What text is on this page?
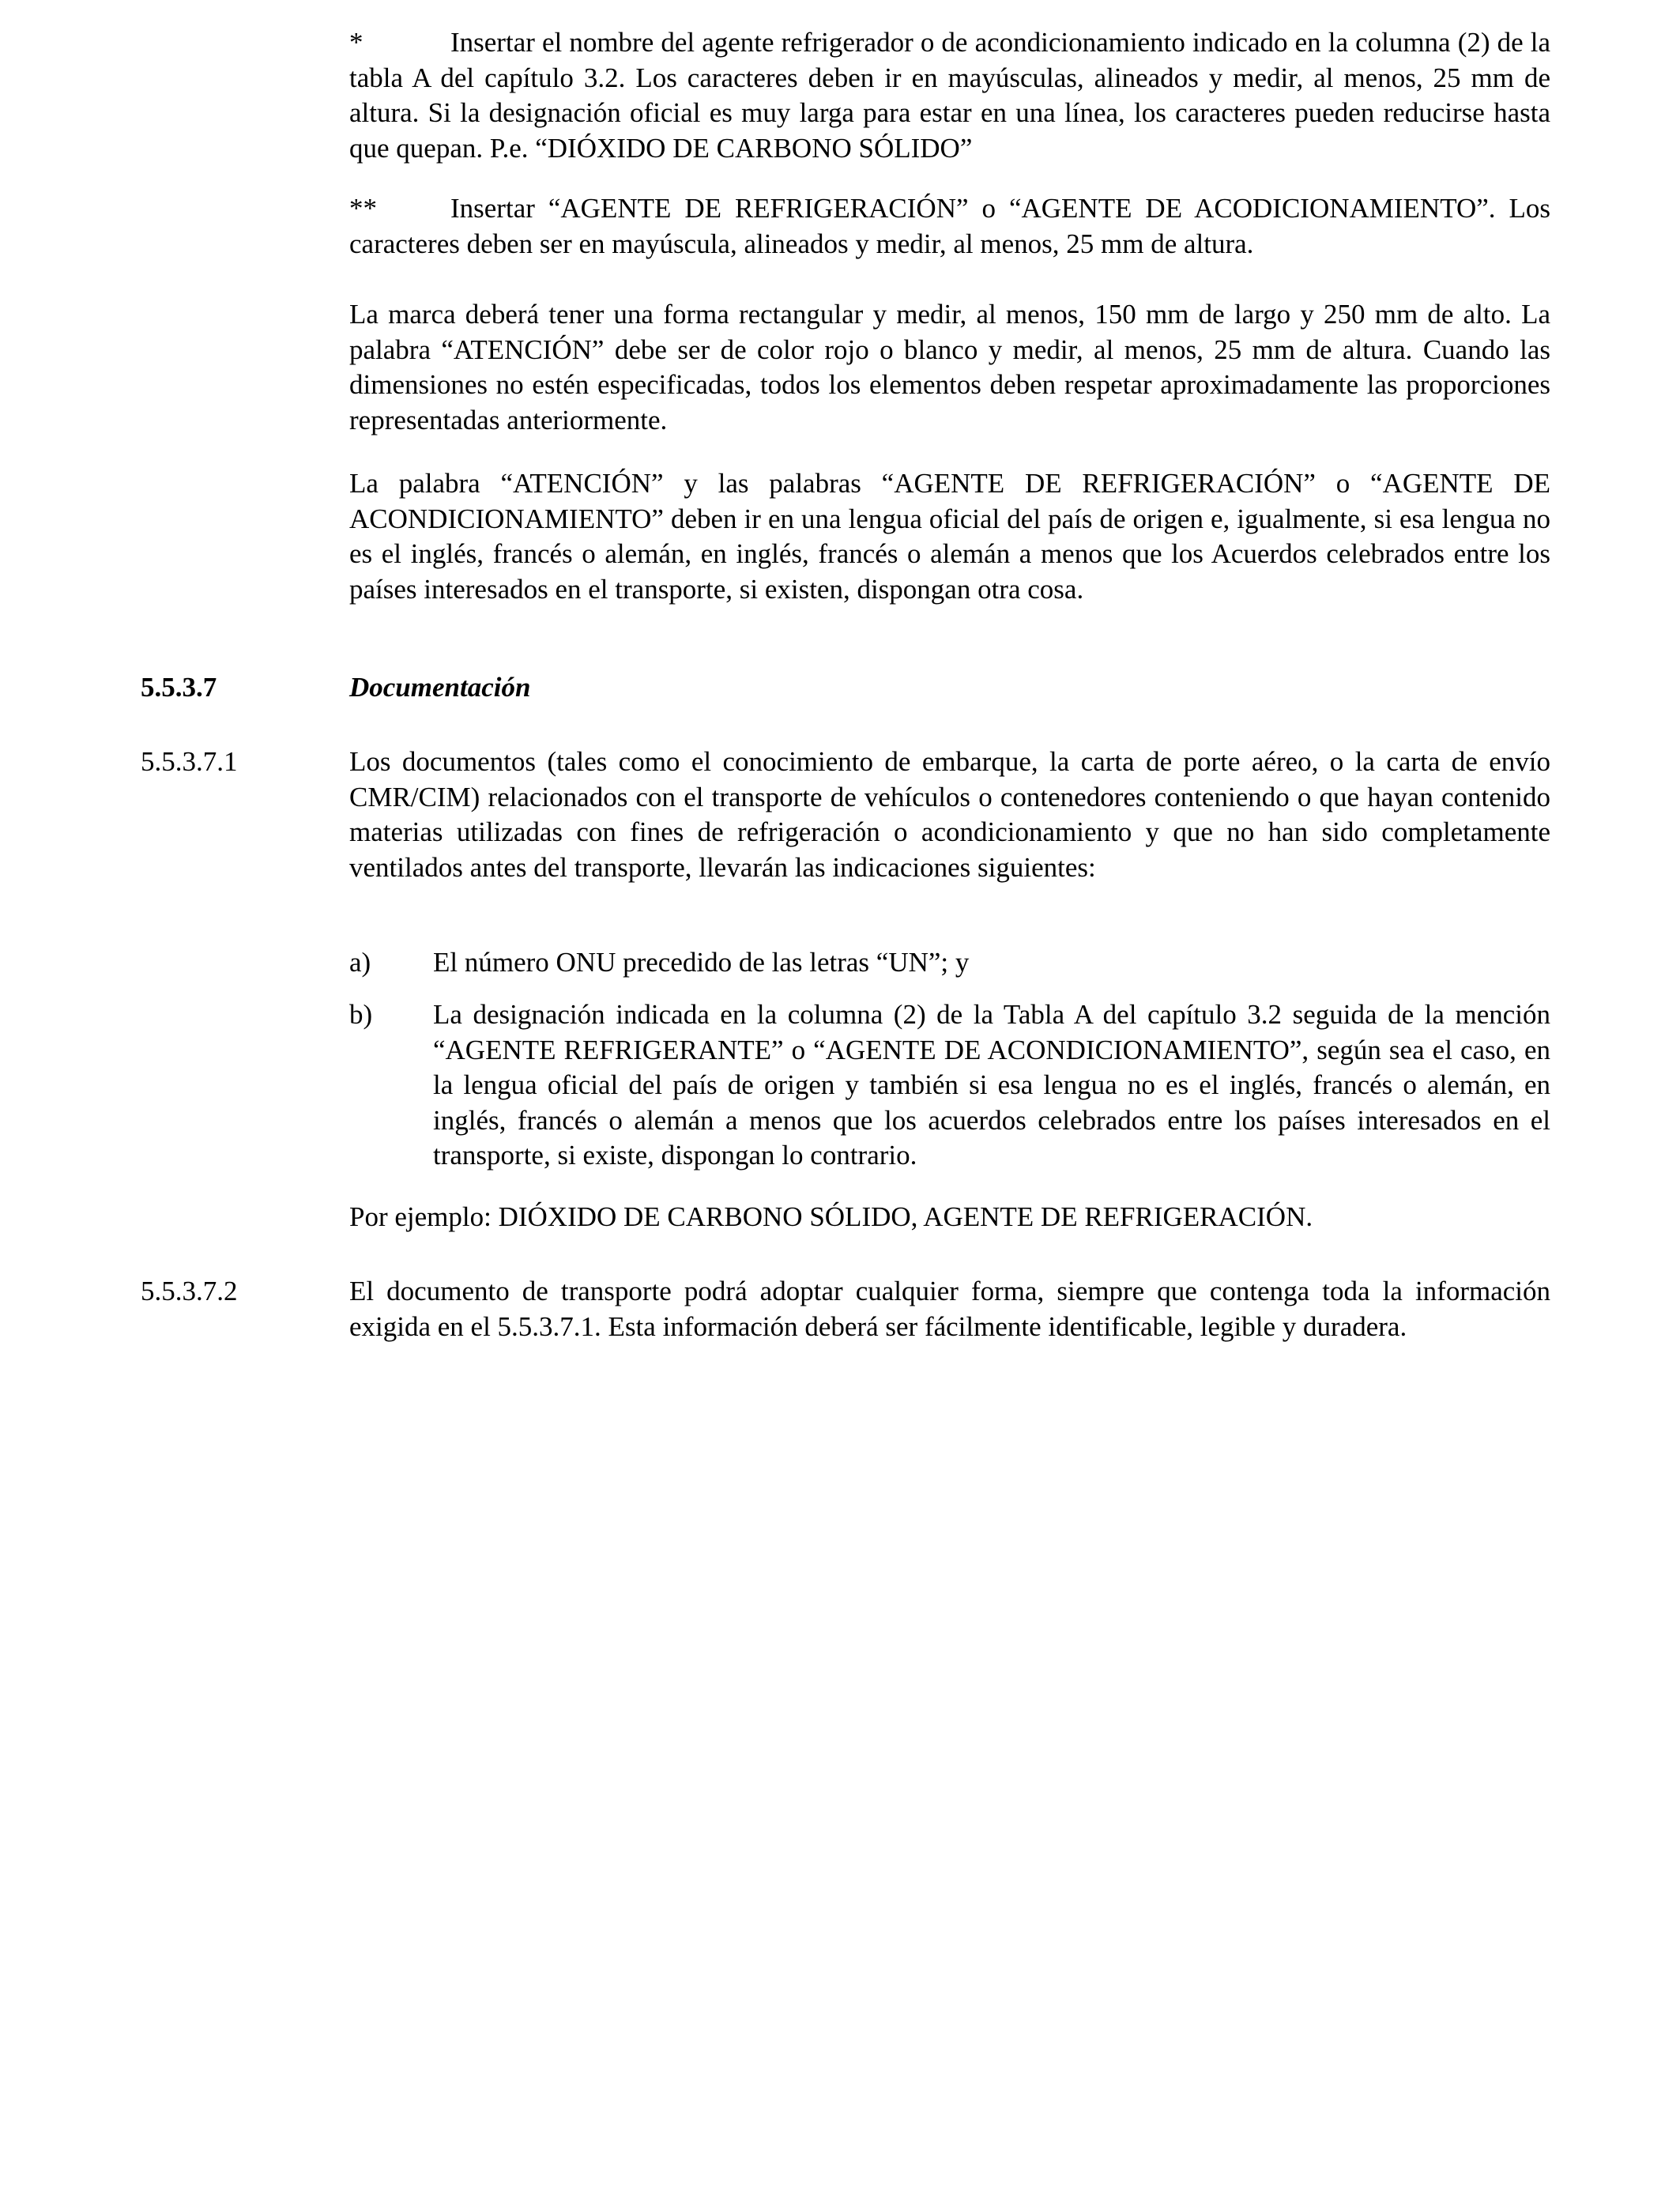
*	Insertar el nombre del agente refrigerador o de acondicionamiento indicado en la columna (2) de la tabla A del capítulo 3.2. Los caracteres deben ir en mayúsculas, alineados y medir, al menos, 25 mm de altura. Si la designación oficial es muy larga para estar en una línea, los caracteres pueden reducirse hasta que quepan. P.e. “DIÓXIDO DE CARBONO SÓLIDO”
**	Insertar “AGENTE DE REFRIGERACIÓN” o “AGENTE DE ACODICIONAMIENTO”. Los caracteres deben ser en mayúscula, alineados y medir, al menos, 25 mm de altura.
La marca deberá tener una forma rectangular y medir, al menos, 150 mm de largo y 250 mm de alto. La palabra “ATENCIÓN” debe ser de color rojo o blanco y medir, al menos, 25 mm de altura. Cuando las dimensiones no estén especificadas, todos los elementos deben respetar aproximadamente las proporciones representadas anteriormente.
La palabra “ATENCIÓN” y las palabras “AGENTE DE REFRIGERACIÓN” o “AGENTE DE ACONDICIONAMIENTO” deben ir en una lengua oficial del país de origen e, igualmente, si esa lengua no es el inglés, francés o alemán, en inglés, francés o alemán a menos que los Acuerdos celebrados entre los países interesados en el transporte, si existen, dispongan otra cosa.
5.5.3.7	Documentación
5.5.3.7.1	Los documentos (tales como el conocimiento de embarque, la carta de porte aéreo, o la carta de envío CMR/CIM) relacionados con el transporte de vehículos o contenedores conteniendo o que hayan contenido materias utilizadas con fines de refrigeración o acondicionamiento y que no han sido completamente ventilados antes del transporte, llevarán las indicaciones siguientes:
a) El número ONU precedido de las letras “UN”; y
b) La designación indicada en la columna (2) de la Tabla A del capítulo 3.2 seguida de la mención “AGENTE REFRIGERANTE” o “AGENTE DE ACONDICIONAMIENTO”, según sea el caso, en la lengua oficial del país de origen y también si esa lengua no es el inglés, francés o alemán, en inglés, francés o alemán a menos que los acuerdos celebrados entre los países interesados en el transporte, si existe, dispongan lo contrario.
Por ejemplo: DIÓXIDO DE CARBONO SÓLIDO, AGENTE DE REFRIGERACIÓN.
5.5.3.7.2	El documento de transporte podrá adoptar cualquier forma, siempre que contenga toda la información exigida en el 5.5.3.7.1. Esta información deberá ser fácilmente identificable, legible y duradera.
